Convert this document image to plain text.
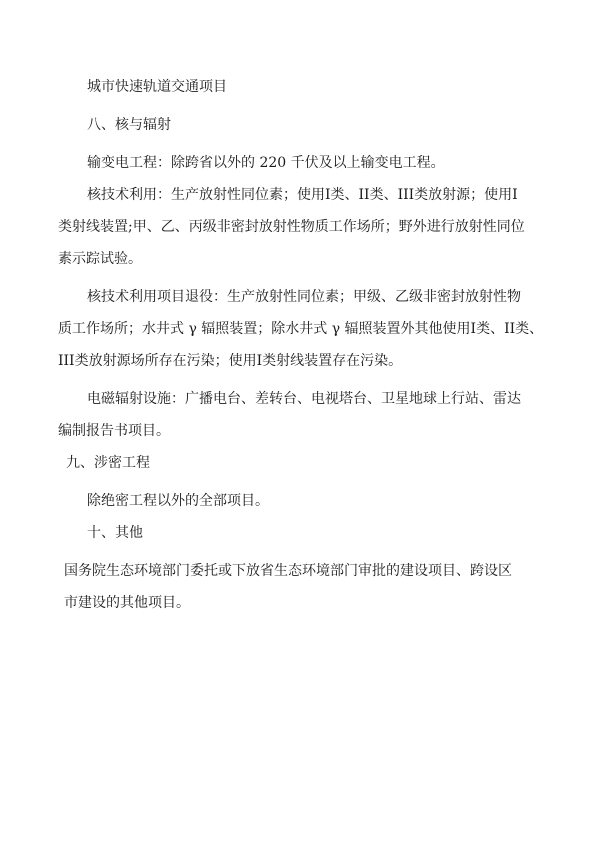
城市快速轨道交通项目
八、核与辐射
输变电工程：除跨省以外的 220 千伏及以上输变电工程。
核技术利用：生产放射性同位素；使用I类、II类、III类放射源；使用I
类射线装置;甲、乙、丙级非密封放射性物质工作场所；野外进行放射性同位
素示踪试验。
核技术利用项目退役：生产放射性同位素；甲级、乙级非密封放射性物
质工作场所；水井式 γ 辐照装置；除水井式 γ 辐照装置外其他使用I类、II类、
III类放射源场所存在污染；使用I类射线装置存在污染。
电磁辐射设施：广播电台、差转台、电视塔台、卫星地球上行站、雷达
编制报告书项目。
九、涉密工程
除绝密工程以外的全部项目。
十、其他
国务院生态环境部门委托或下放省生态环境部门审批的建设项目、跨设区
市建设的其他项目。
